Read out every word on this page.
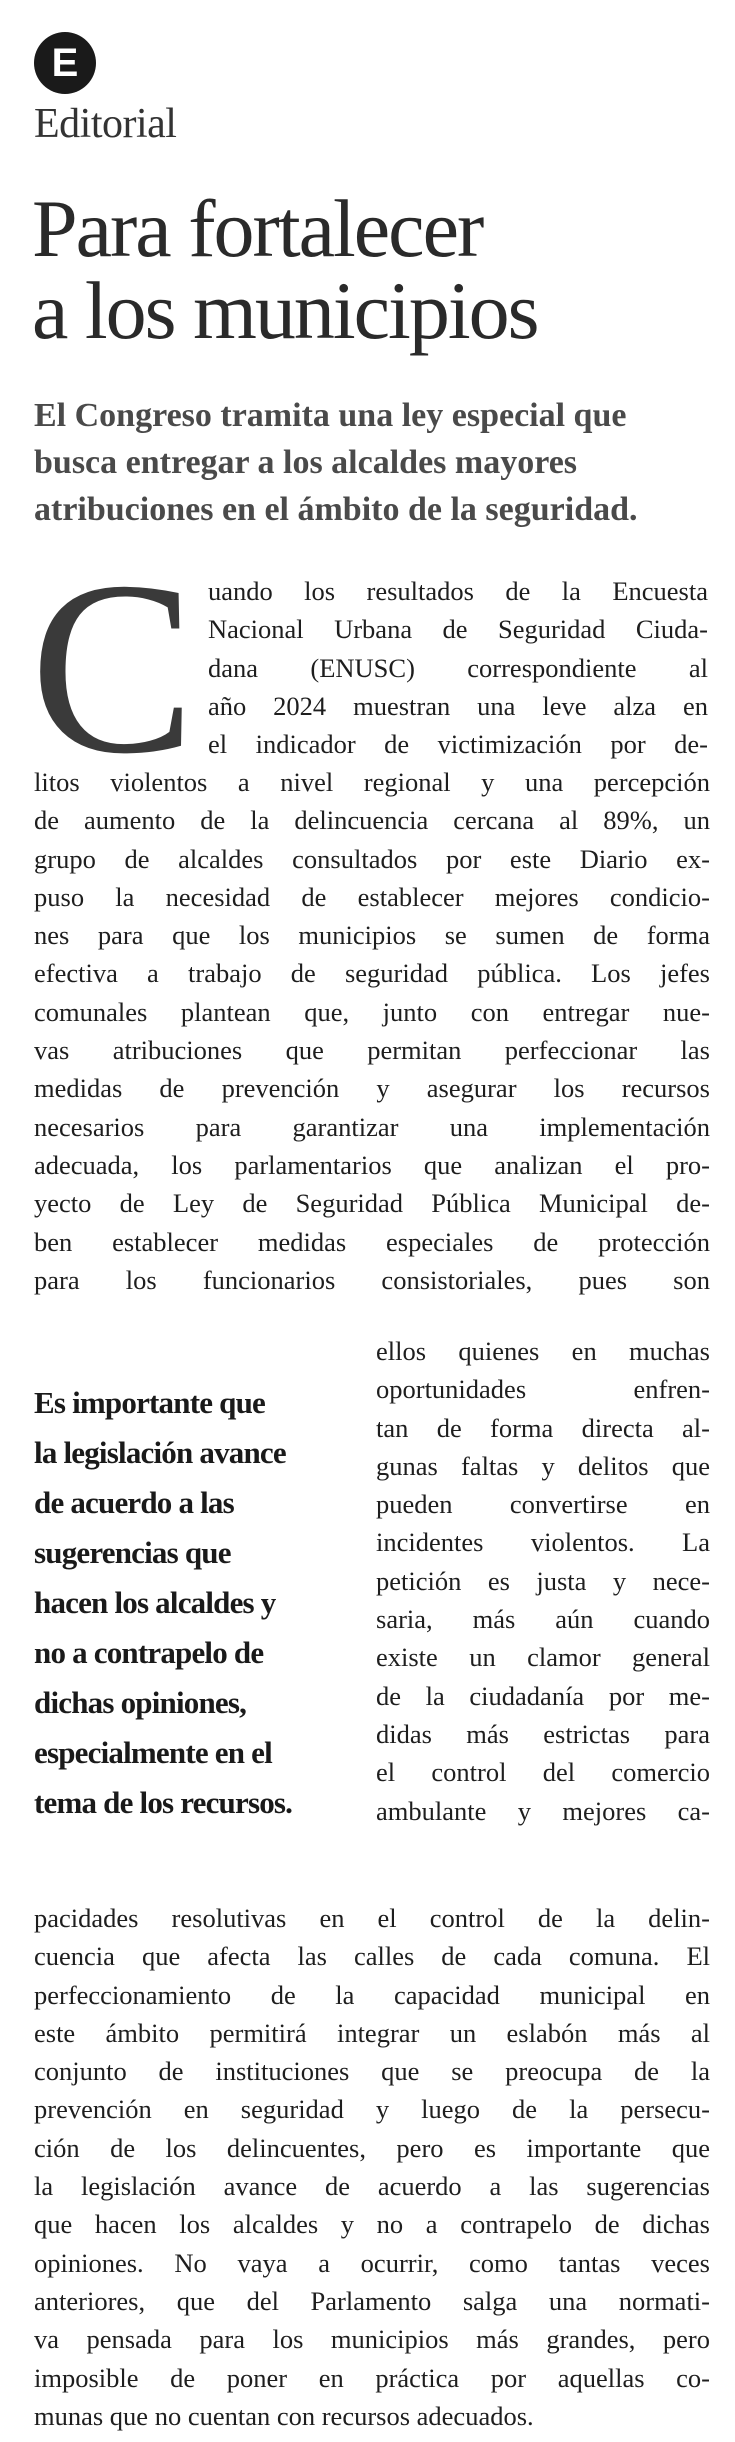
E
Editorial
Para fortalecer
a los municipios
El Congreso tramita una ley especial que
busca entregar a los alcaldes mayores
atribuciones en el ámbito de la seguridad.
C uando los resultados de la Encuesta
Nacional Urbana de Seguridad Ciuda-
dana (ENUSC) correspondiente al
año 2024 muestran una leve alza en
el indicador de victimización por de-
litos violentos a nivel regional y una percepción
de aumento de la delincuencia cercana al 89%, un
grupo de alcaldes consultados por este Diario ex-
puso la necesidad de establecer mejores condicio-
nes para que los municipios se sumen de forma
efectiva a trabajo de seguridad pública. Los jefes
comunales plantean que, junto con entregar nue-
vas atribuciones que permitan perfeccionar las
medidas de prevención y asegurar los recursos
necesarios para garantizar una implementación
adecuada, los parlamentarios que analizan el pro-
yecto de Ley de Seguridad Pública Municipal de-
ben establecer medidas especiales de protección
para los funcionarios consistoriales, pues son
ellos quienes en muchas
oportunidades enfren-
tan de forma directa al-
gunas faltas y delitos que
pueden convertirse en
incidentes violentos. La
petición es justa y nece-
saria, más aún cuando
existe un clamor general
de la ciudadanía por me-
didas más estrictas para
el control del comercio
ambulante y mejores ca-
Es importante que
la legislación avance
de acuerdo a las
sugerencias que
hacen los alcaldes y
no a contrapelo de
dichas opiniones,
especialmente en el
tema de los recursos.
pacidades resolutivas en el control de la delin-
cuencia que afecta las calles de cada comuna. El
perfeccionamiento de la capacidad municipal en
este ámbito permitirá integrar un eslabón más al
conjunto de instituciones que se preocupa de la
prevención en seguridad y luego de la persecu-
ción de los delincuentes, pero es importante que
la legislación avance de acuerdo a las sugerencias
que hacen los alcaldes y no a contrapelo de dichas
opiniones. No vaya a ocurrir, como tantas veces
anteriores, que del Parlamento salga una normati-
va pensada para los municipios más grandes, pero
imposible de poner en práctica por aquellas co-
munas que no cuentan con recursos adecuados.
